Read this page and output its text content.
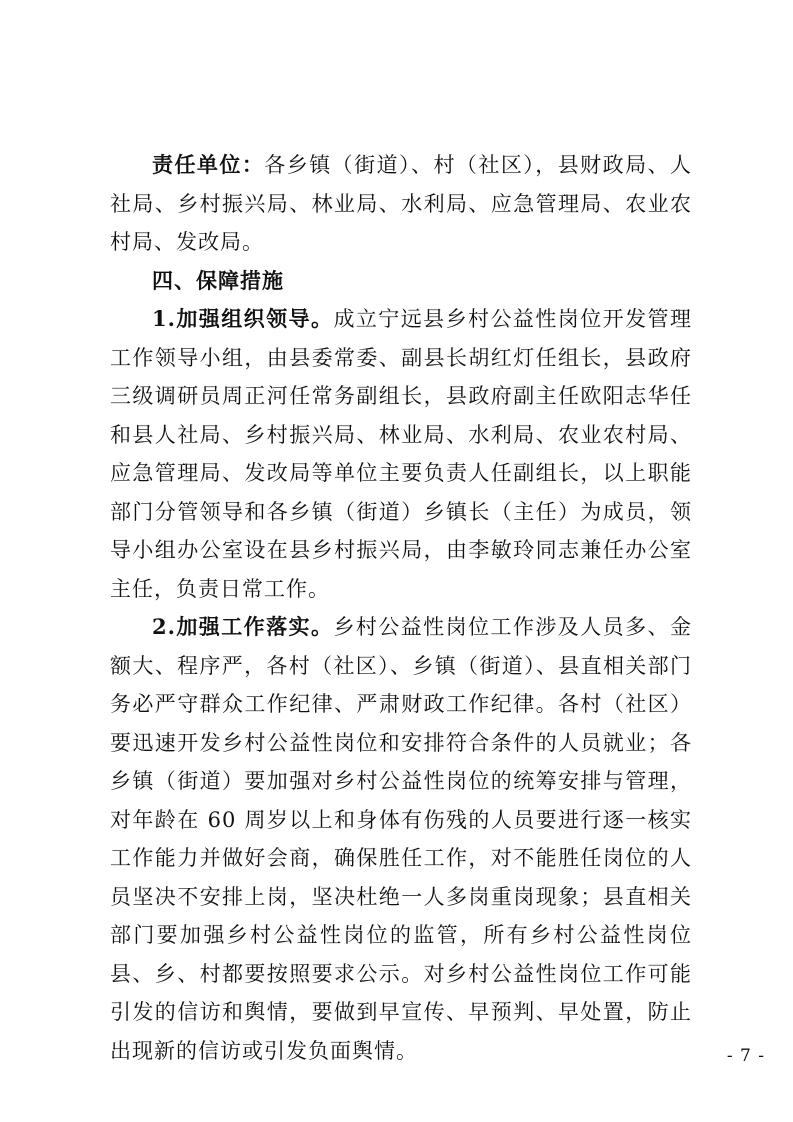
责任单位：各乡镇（街道）、村（社区），县财政局、人社局、乡村振兴局、林业局、水利局、应急管理局、农业农村局、发改局。

四、保障措施

1.加强组织领导。成立宁远县乡村公益性岗位开发管理工作领导小组，由县委常委、副县长胡红灯任组长，县政府三级调研员周正河任常务副组长，县政府副主任欧阳志华任和县人社局、乡村振兴局、林业局、水利局、农业农村局、应急管理局、发改局等单位主要负责人任副组长，以上职能部门分管领导和各乡镇（街道）乡镇长（主任）为成员，领导小组办公室设在县乡村振兴局，由李敏玲同志兼任办公室主任，负责日常工作。

2.加强工作落实。乡村公益性岗位工作涉及人员多、金额大、程序严，各村（社区）、乡镇（街道）、县直相关部门务必严守群众工作纪律、严肃财政工作纪律。各村（社区）要迅速开发乡村公益性岗位和安排符合条件的人员就业；各乡镇（街道）要加强对乡村公益性岗位的统筹安排与管理，对年龄在 60 周岁以上和身体有伤残的人员要进行逐一核实工作能力并做好会商，确保胜任工作，对不能胜任岗位的人员坚决不安排上岗，坚决杜绝一人多岗重岗现象；县直相关部门要加强乡村公益性岗位的监管，所有乡村公益性岗位县、乡、村都要按照要求公示。对乡村公益性岗位工作可能引发的信访和舆情，要做到早宣传、早预判、早处置，防止出现新的信访或引发负面舆情。	- 7 -
